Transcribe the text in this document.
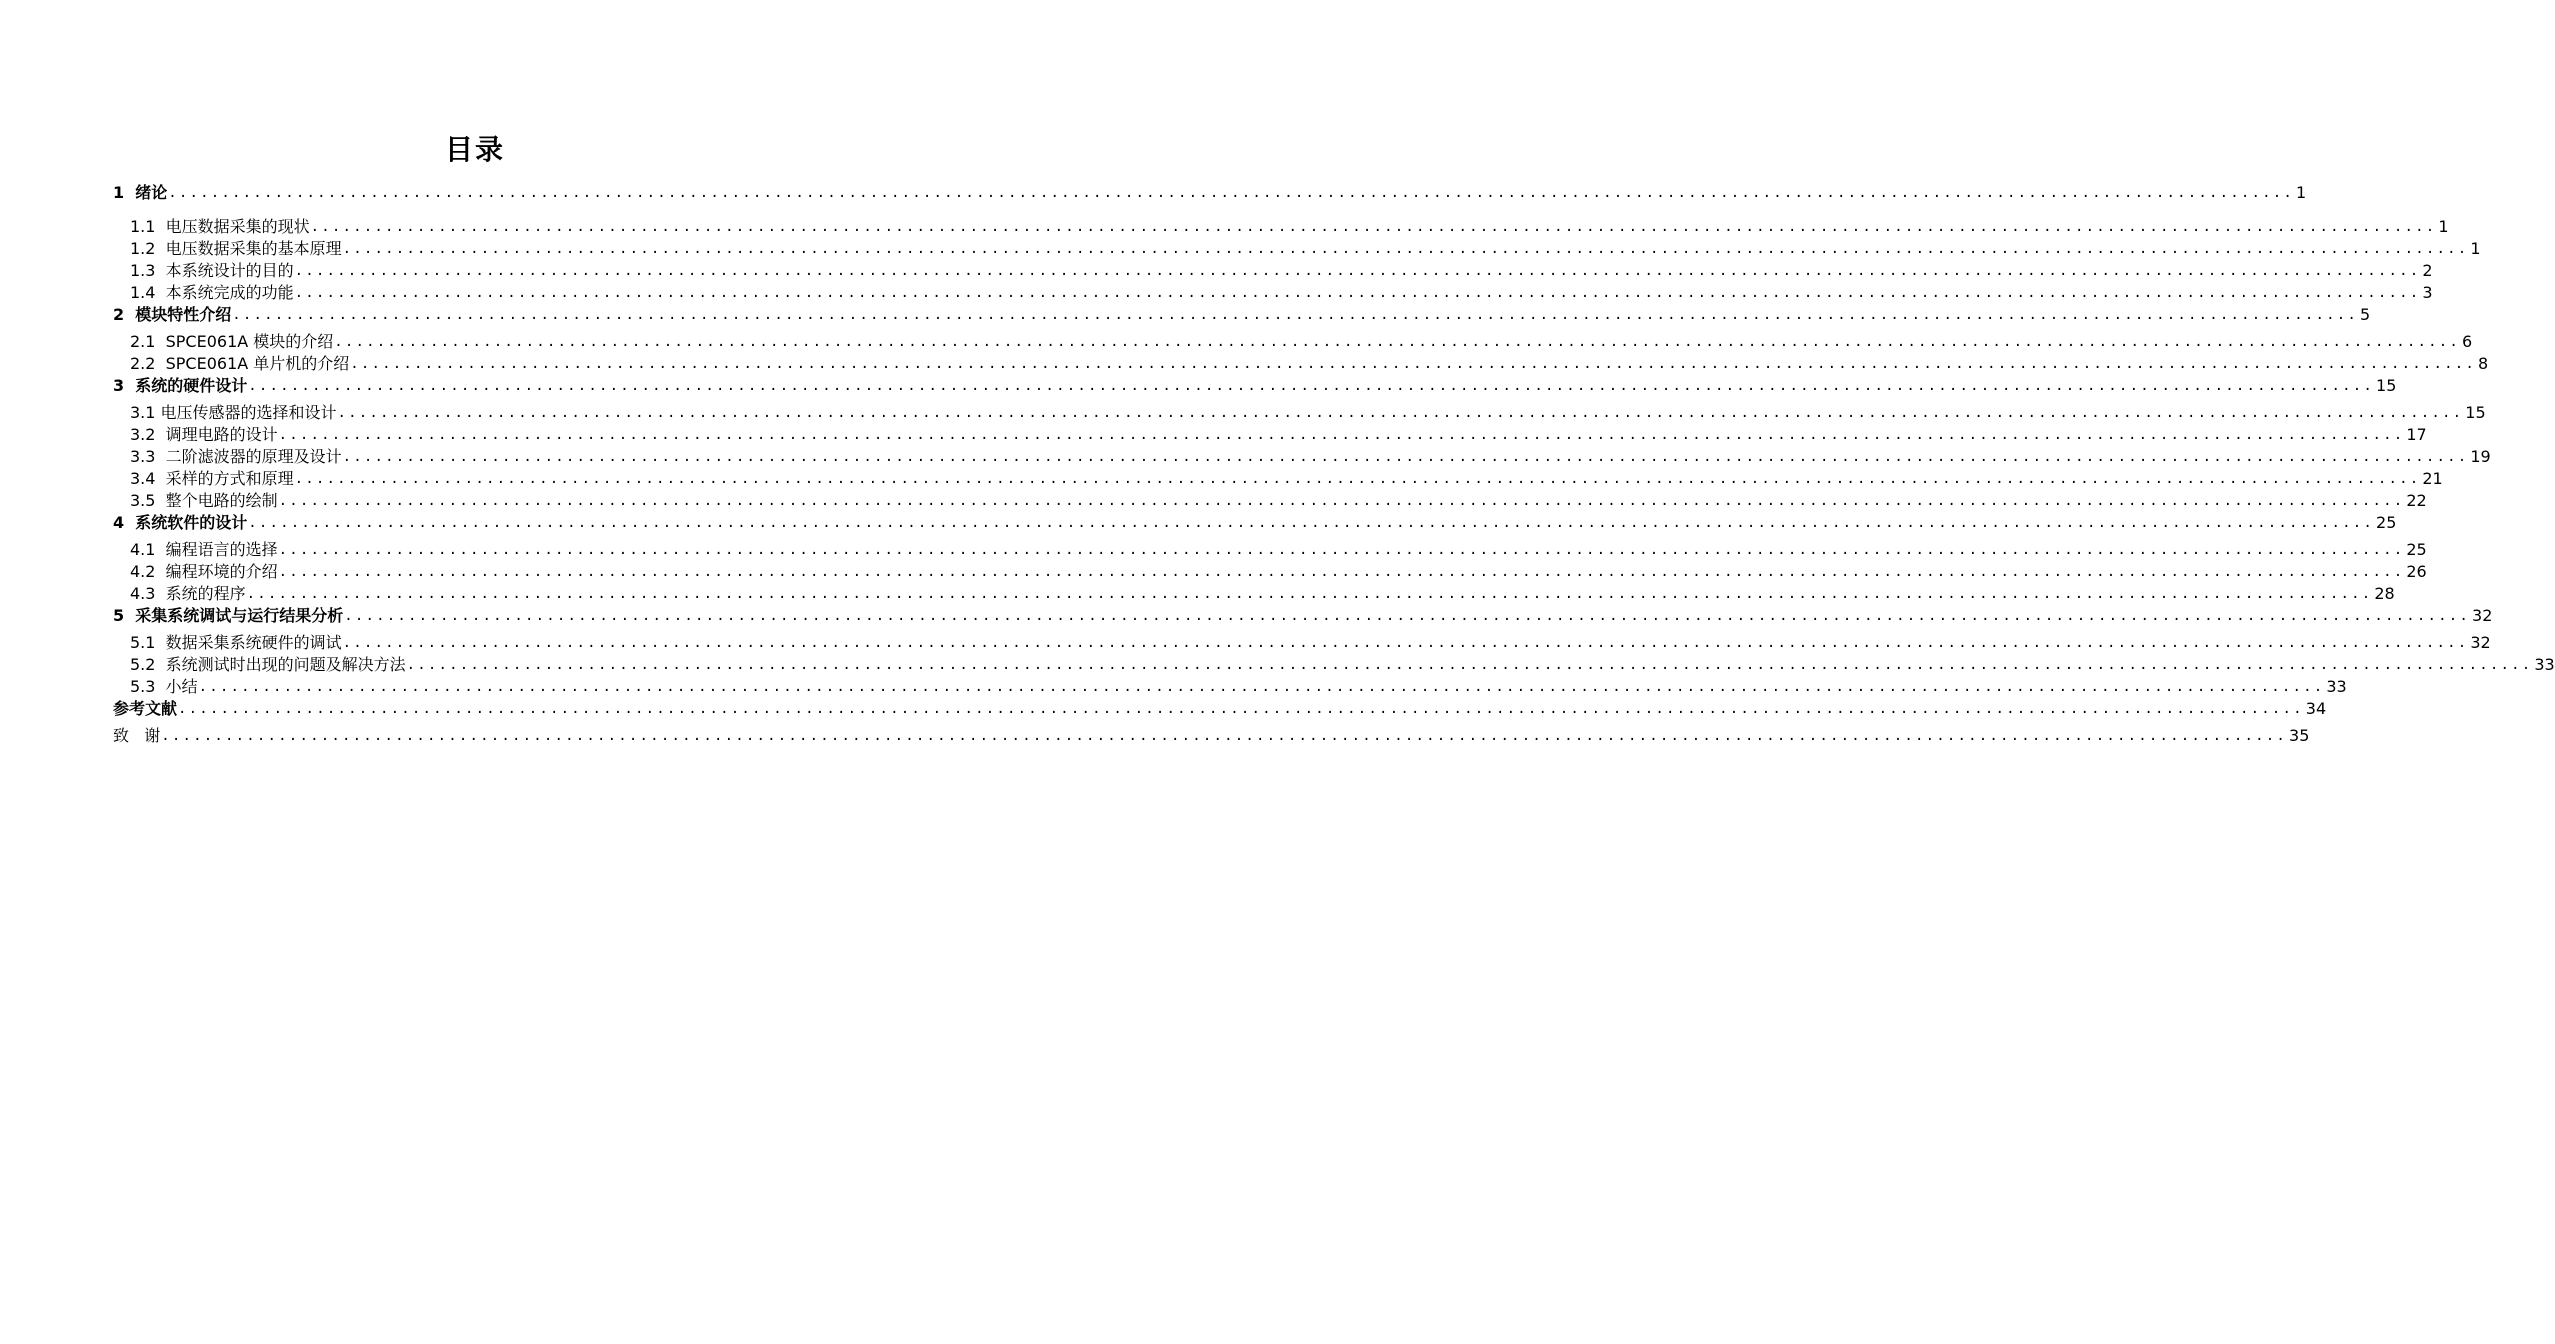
目录
1  绪论 ........................................................................................................................................................................................................ 1
1.1  电压数据采集的现状 ........................................................................................................................................................................................................ 1
1.2  电压数据采集的基本原理 ........................................................................................................................................................................................................ 1
1.3  本系统设计的目的 ........................................................................................................................................................................................................ 2
1.4  本系统完成的功能 ........................................................................................................................................................................................................ 3
2  模块特性介绍 ........................................................................................................................................................................................................ 5
2.1  SPCE061A 模块的介绍 ........................................................................................................................................................................................................ 6
2.2  SPCE061A 单片机的介绍 ........................................................................................................................................................................................................ 8
3  系统的硬件设计 ........................................................................................................................................................................................................ 15
3.1 电压传感器的选择和设计 ........................................................................................................................................................................................................ 15
3.2  调理电路的设计 ........................................................................................................................................................................................................ 17
3.3  二阶滤波器的原理及设计 ........................................................................................................................................................................................................ 19
3.4  采样的方式和原理 ........................................................................................................................................................................................................ 21
3.5  整个电路的绘制 ........................................................................................................................................................................................................ 22
4  系统软件的设计 ........................................................................................................................................................................................................ 25
4.1  编程语言的选择 ........................................................................................................................................................................................................ 25
4.2  编程环境的介绍 ........................................................................................................................................................................................................ 26
4.3  系统的程序 ........................................................................................................................................................................................................ 28
5  采集系统调试与运行结果分析 ........................................................................................................................................................................................................ 32
5.1  数据采集系统硬件的调试 ........................................................................................................................................................................................................ 32
5.2  系统测试时出现的问题及解决方法 ........................................................................................................................................................................................................ 33
5.3  小结 ........................................................................................................................................................................................................ 33
参考文献 ........................................................................................................................................................................................................ 34
致   谢 ........................................................................................................................................................................................................ 35
